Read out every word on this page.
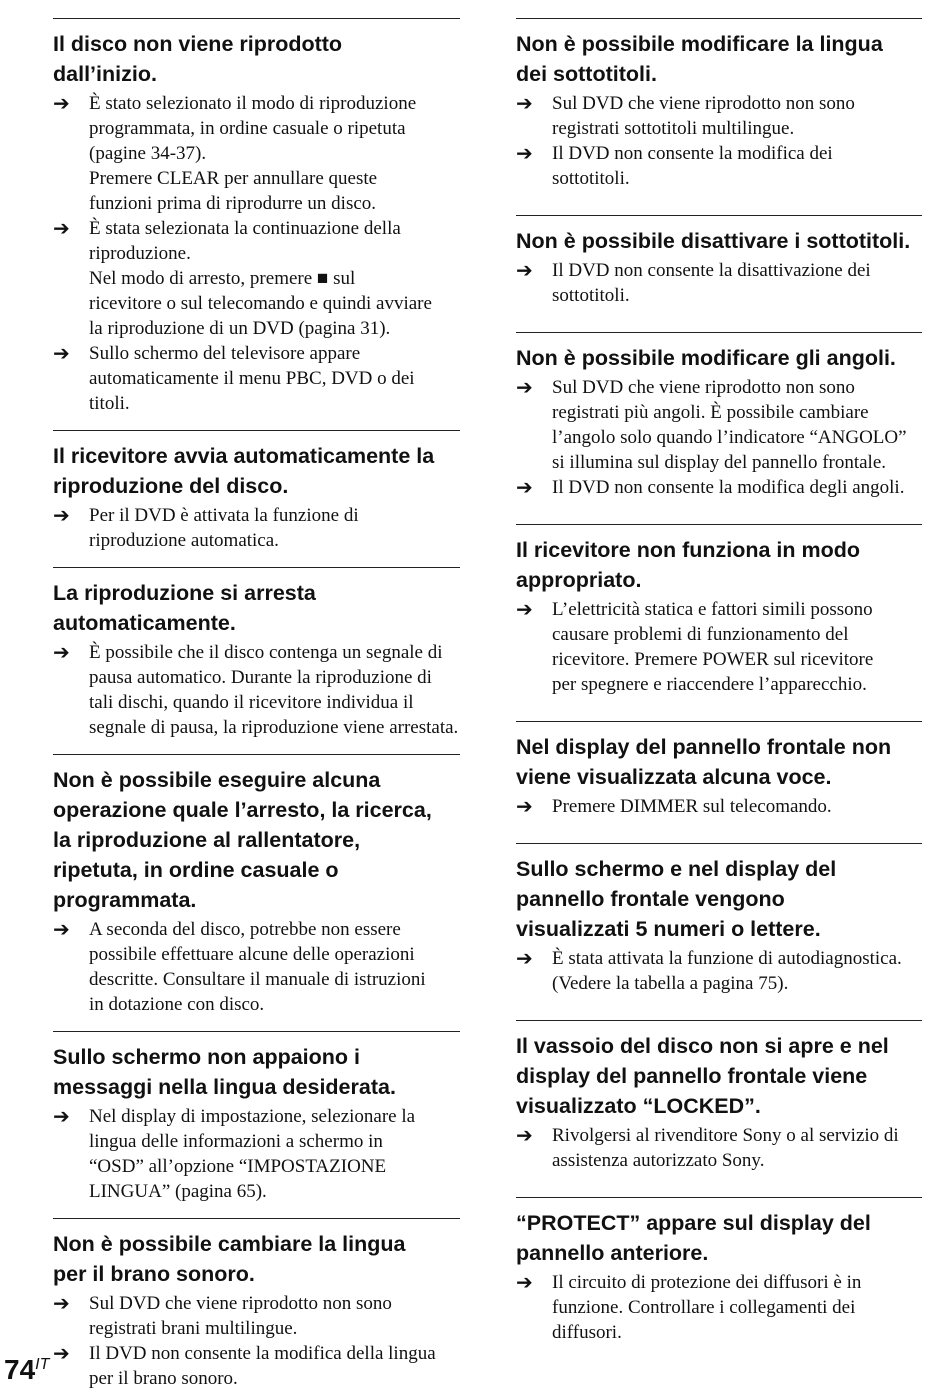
Il disco non viene riprodotto
dall’inizio.
➔	È stato selezionato il modo di riproduzione
programmata, in ordine casuale o ripetuta
(pagine 34-37).
Premere CLEAR per annullare queste
funzioni prima di riprodurre un disco.
➔	È stata selezionata la continuazione della
riproduzione.
Nel modo di arresto, premere ■ sul
ricevitore o sul telecomando e quindi avviare
la riproduzione di un DVD (pagina 31).
➔	Sullo schermo del televisore appare
automaticamente il menu PBC, DVD o dei
titoli.
Il ricevitore avvia automaticamente la
riproduzione del disco.
➔	Per il DVD è attivata la funzione di
riproduzione automatica.
La riproduzione si arresta
automaticamente.
➔	È possibile che il disco contenga un segnale di
pausa automatico. Durante la riproduzione di
tali dischi, quando il ricevitore individua il
segnale di pausa, la riproduzione viene arrestata.
Non è possibile eseguire alcuna
operazione quale l’arresto, la ricerca,
la riproduzione al rallentatore,
ripetuta, in ordine casuale o
programmata.
➔	A seconda del disco, potrebbe non essere
possibile effettuare alcune delle operazioni
descritte. Consultare il manuale di istruzioni
in dotazione con disco.
Sullo schermo non appaiono i
messaggi nella lingua desiderata.
➔	Nel display di impostazione, selezionare la
lingua delle informazioni a schermo in
“OSD” all’opzione “IMPOSTAZIONE
LINGUA” (pagina 65).
Non è possibile cambiare la lingua
per il brano sonoro.
➔	Sul DVD che viene riprodotto non sono
registrati brani multilingue.
➔	Il DVD non consente la modifica della lingua
per il brano sonoro.
Non è possibile modificare la lingua
dei sottotitoli.
➔	Sul DVD che viene riprodotto non sono
registrati sottotitoli multilingue.
➔	Il DVD non consente la modifica dei
sottotitoli.
Non è possibile disattivare i sottotitoli.
➔	Il DVD non consente la disattivazione dei
sottotitoli.
Non è possibile modificare gli angoli.
➔	Sul DVD che viene riprodotto non sono
registrati più angoli. È possibile cambiare
l’angolo solo quando l’indicatore “ANGOLO”
si illumina sul display del pannello frontale.
➔	Il DVD non consente la modifica degli angoli.
Il ricevitore non funziona in modo
appropriato.
➔	L’elettricità statica e fattori simili possono
causare problemi di funzionamento del
ricevitore. Premere POWER sul ricevitore
per spegnere e riaccendere l’apparecchio.
Nel display del pannello frontale non
viene visualizzata alcuna voce.
➔	Premere DIMMER sul telecomando.
Sullo schermo e nel display del
pannello frontale vengono
visualizzati 5 numeri o lettere.
➔	È stata attivata la funzione di autodiagnostica.
(Vedere la tabella a pagina 75).
Il vassoio del disco non si apre e nel
display del pannello frontale viene
visualizzato “LOCKED”.
➔	Rivolgersi al rivenditore Sony o al servizio di
assistenza autorizzato Sony.
“PROTECT” appare sul display del
pannello anteriore.
➔	Il circuito di protezione dei diffusori è in
funzione. Controllare i collegamenti dei
diffusori.
$74^{IT}$
